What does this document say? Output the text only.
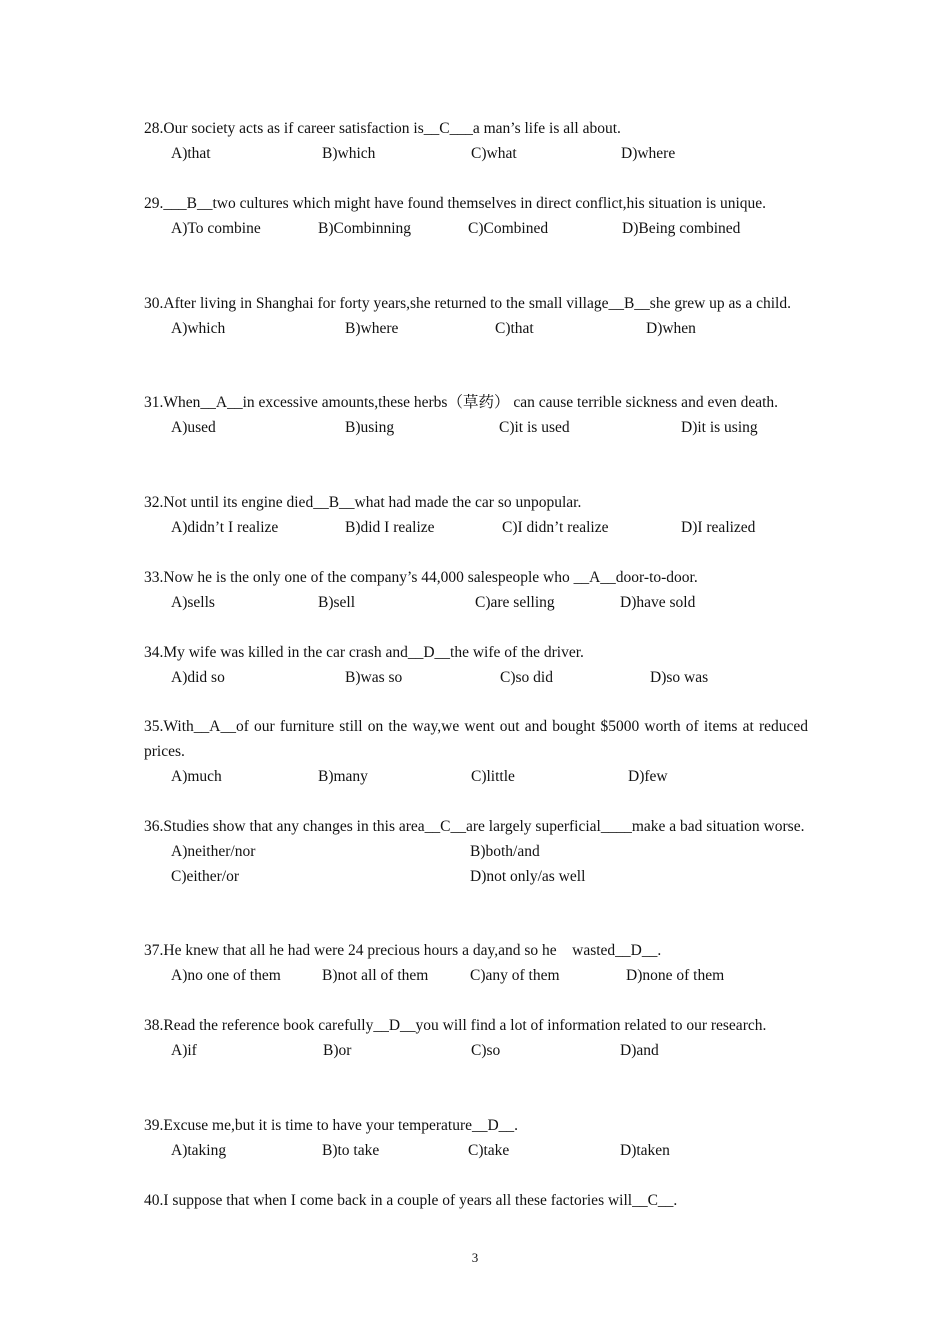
28.Our society acts as if career satisfaction is__C___a man’s life is all about.
A)that	B)which	C)what	D)where
29.___B__two cultures which might have found themselves in direct conflict,his situation is unique.
A)To combine	B)Combinning	C)Combined	D)Being combined
30.After living in Shanghai for forty years,she returned to the small village__B__she grew up as a child.
A)which	B)where	C)that	D)when
31.When__A__in excessive amounts,these herbs（草药） can cause terrible sickness and even death.
A)used	B)using	C)it is used	D)it is using
32.Not until its engine died__B__what had made the car so unpopular.
A)didn’t I realize	B)did I realize	C)I didn’t realize	D)I realized
33.Now he is the only one of the company’s 44,000 salespeople who __A__door-to-door.
A)sells	B)sell	C)are selling	D)have sold
34.My wife was killed in the car crash and__D__the wife of the driver.
A)did so	B)was so	C)so did	D)so was
35.With__A__of our furniture still on the way,we went out and bought $5000 worth of items at reduced prices.
A)much	B)many	C)little	D)few
36.Studies show that any changes in this area__C__are largely superficial____make a bad situation worse.
A)neither/nor	B)both/and
C)either/or	D)not only/as well
37.He knew that all he had were 24 precious hours a day,and so he    wasted__D__.
A)no one of them	B)not all of them	C)any of them	D)none of them
38.Read the reference book carefully__D__you will find a lot of information related to our research.
A)if	B)or	C)so	D)and
39.Excuse me,but it is time to have your temperature__D__.
A)taking	B)to take	C)take	D)taken
40.I suppose that when I come back in a couple of years all these factories will__C__.
3
